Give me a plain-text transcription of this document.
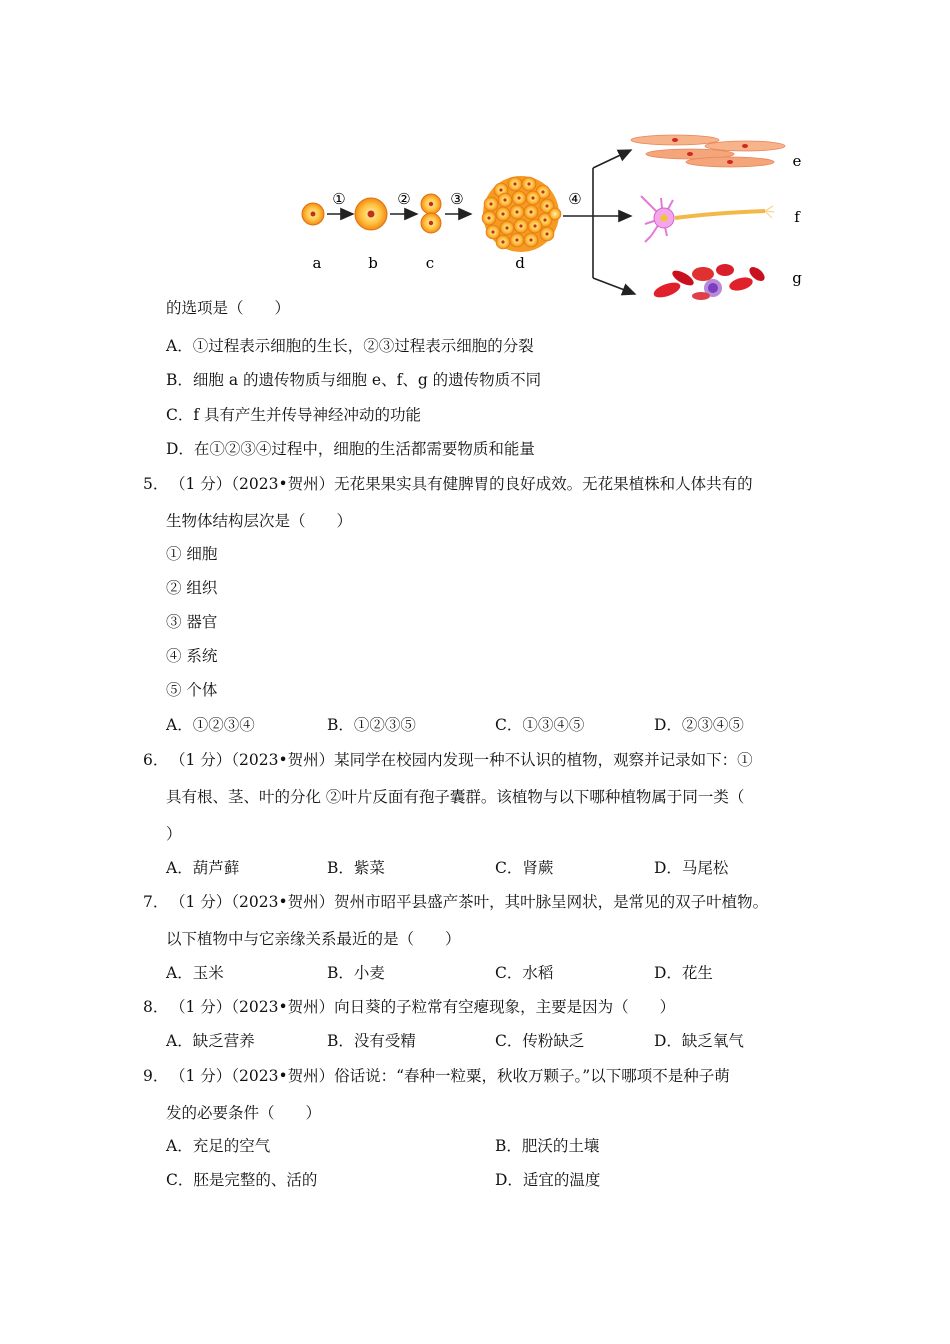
①	②	③	④
a	b	c	d
e
f
g
的选项是（　　）
A．①过程表示细胞的生长，②③过程表示细胞的分裂
B．细胞 a 的遗传物质与细胞 e、f、g 的遗传物质不同
C．f 具有产生并传导神经冲动的功能
D．在①②③④过程中，细胞的生活都需要物质和能量
5． （1 分）（2023•贺州）无花果果实具有健脾胃的良好成效。无花果植株和人体共有的
生物体结构层次是（　　）
① 细胞
② 组织
③ 器官
④ 系统
⑤ 个体
A．①②③④	B．①②③⑤	C．①③④⑤	D．②③④⑤
6． （1 分）（2023•贺州）某同学在校园内发现一种不认识的植物，观察并记录如下：①
具有根、茎、叶的分化 ②叶片反面有孢子囊群。该植物与以下哪种植物属于同一类（
）
A．葫芦藓	B．紫菜	C．肾蕨	D．马尾松
7． （1 分）（2023•贺州）贺州市昭平县盛产茶叶，其叶脉呈网状，是常见的双子叶植物。
以下植物中与它亲缘关系最近的是（　　）
A．玉米	B．小麦	C．水稻	D．花生
8． （1 分）（2023•贺州）向日葵的子粒常有空瘪现象，主要是因为（　　）
A．缺乏营养	B．没有受精	C．传粉缺乏	D．缺乏氧气
9． （1 分）（2023•贺州）俗话说：“春种一粒粟，秋收万颗子。”以下哪项不是种子萌
发的必要条件（　　）
A．充足的空气	B．肥沃的土壤
C．胚是完整的、活的	D．适宜的温度
